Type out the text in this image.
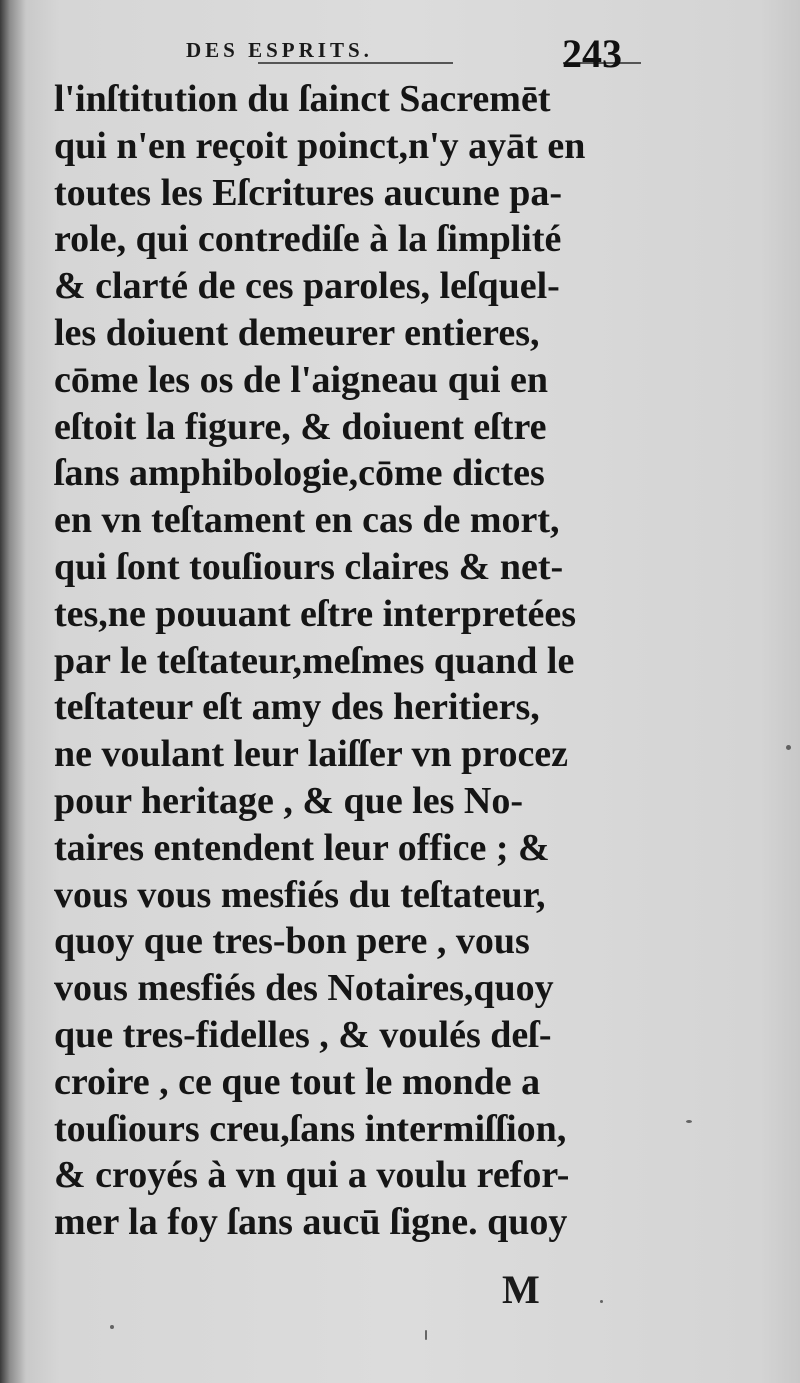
DES ESPRITS.	243
l'inſtitution du ſainct Sacremēt
qui n'en reçoit poinct,n'y ayāt en
toutes les Eſcritures aucune pa-
role, qui contrediſe à la ſimplité
& clarté de ces paroles, leſquel-
les doiuent demeurer entieres,
cōme les os de l'aigneau qui en
eſtoit la figure, & doiuent eſtre
ſans amphibologie,cōme dictes
en vn teſtament en cas de mort,
qui ſont touſiours claires & net-
tes,ne pouuant eſtre interpretées
par le teſtateur,meſmes quand le
teſtateur eſt amy des heritiers,
ne voulant leur laiſſer vn procez
pour heritage , & que les No-
taires entendent leur office ; &
vous vous mesfiés du teſtateur,
quoy que tres-bon pere , vous
vous mesfiés des Notaires,quoy
que tres-fidelles , & voulés deſ-
croire , ce que tout le monde a
touſiours creu,ſans intermiſſion,
& croyés à vn qui a voulu refor-
mer la foy ſans aucū ſigne. quoy
M
